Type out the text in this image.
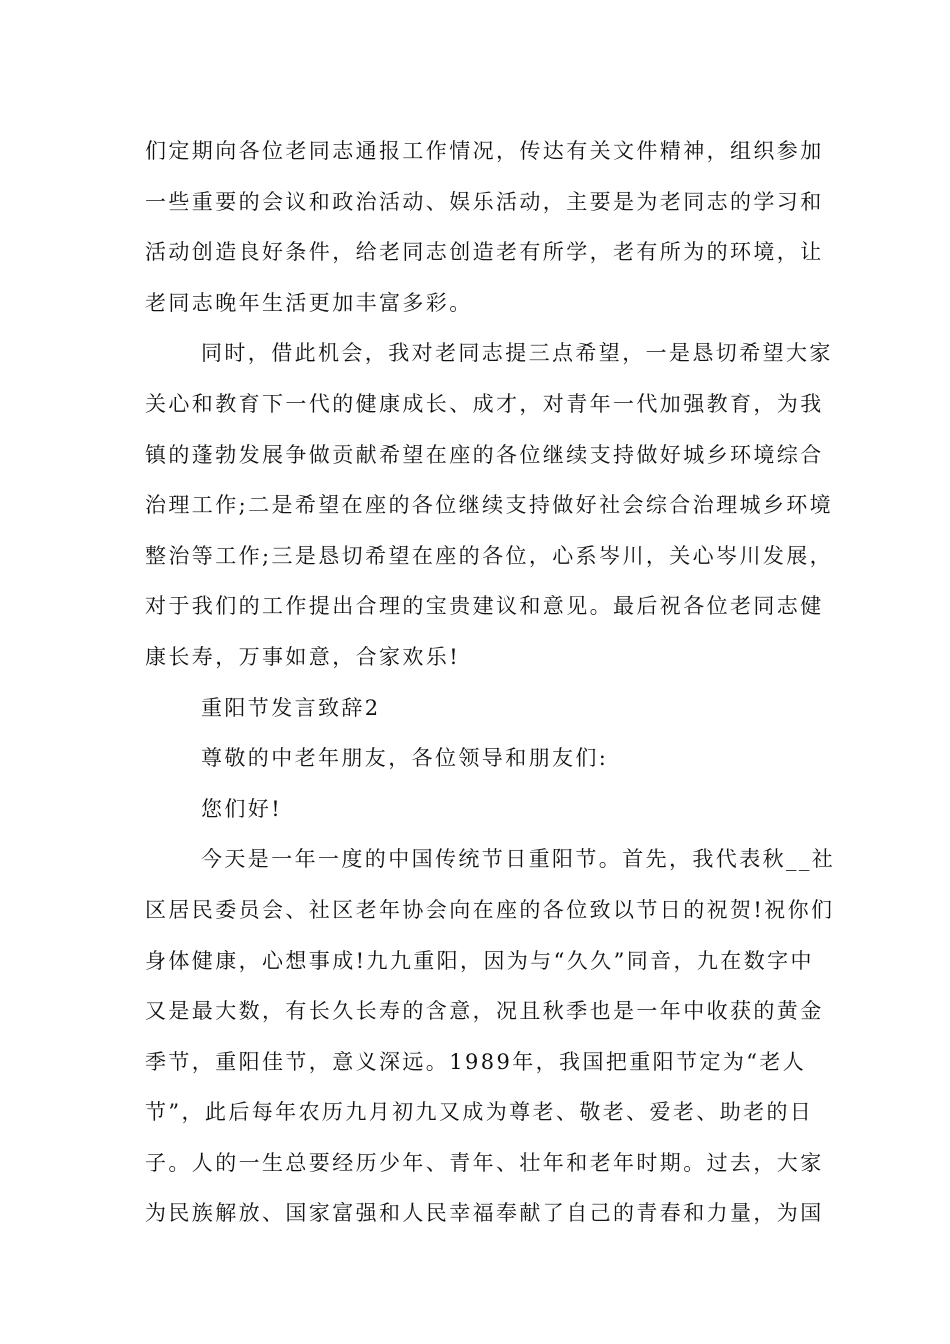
们定期向各位老同志通报工作情况，传达有关文件精神，组织参加
一些重要的会议和政治活动、娱乐活动，主要是为老同志的学习和
活动创造良好条件，给老同志创造老有所学，老有所为的环境，让
老同志晚年生活更加丰富多彩。
同时，借此机会，我对老同志提三点希望，一是恳切希望大家
关心和教育下一代的健康成长、成才，对青年一代加强教育，为我
镇的蓬勃发展争做贡献希望在座的各位继续支持做好城乡环境综合
治理工作;二是希望在座的各位继续支持做好社会综合治理城乡环境
整治等工作;三是恳切希望在座的各位，心系岑川，关心岑川发展，
对于我们的工作提出合理的宝贵建议和意见。最后祝各位老同志健
康长寿，万事如意，合家欢乐!
重阳节发言致辞2
尊敬的中老年朋友，各位领导和朋友们:
您们好!
今天是一年一度的中国传统节日重阳节。首先，我代表秋__社
区居民委员会、社区老年协会向在座的各位致以节日的祝贺!祝你们
身体健康，心想事成!九九重阳，因为与“久久”同音，九在数字中
又是最大数，有长久长寿的含意，况且秋季也是一年中收获的黄金
季节，重阳佳节，意义深远。1989年，我国把重阳节定为“老人
节”，此后每年农历九月初九又成为尊老、敬老、爱老、助老的日
子。人的一生总要经历少年、青年、壮年和老年时期。过去，大家
为民族解放、国家富强和人民幸福奉献了自己的青春和力量，为国
